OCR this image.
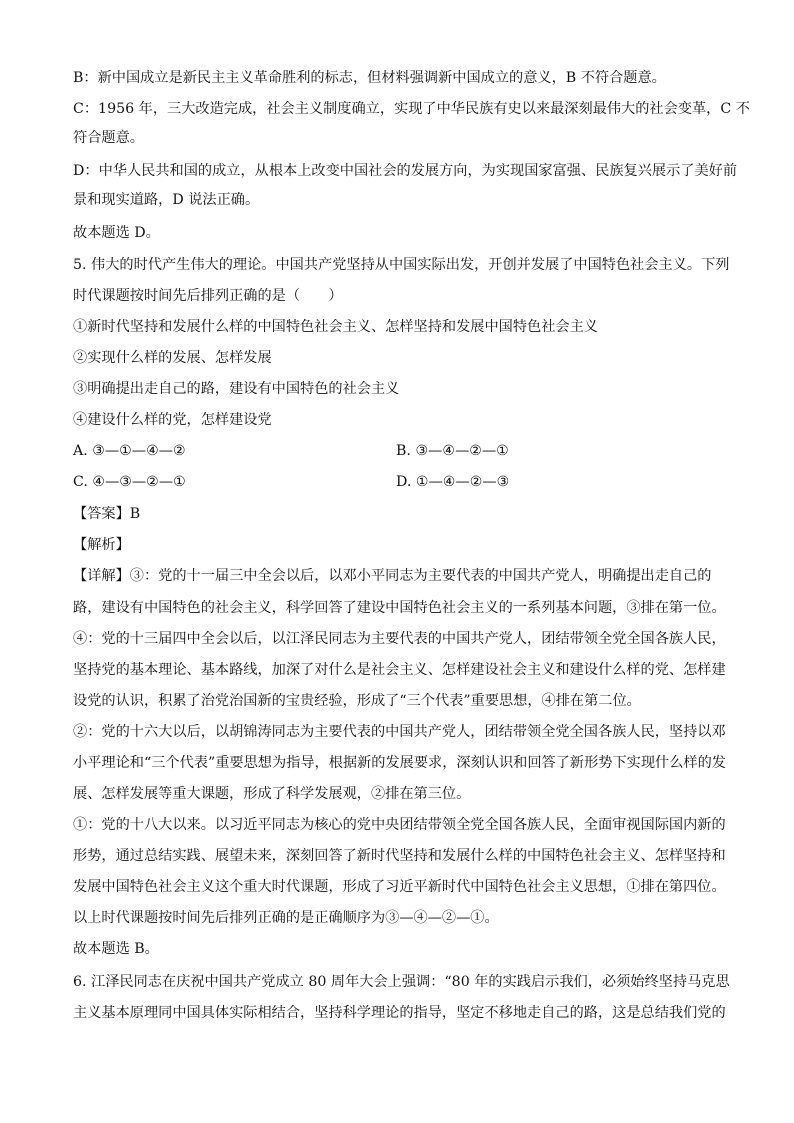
B：新中国成立是新民主主义革命胜利的标志，但材料强调新中国成立的意义，B 不符合题意。
C：1956 年，三大改造完成，社会主义制度确立，实现了中华民族有史以来最深刻最伟大的社会变革，C 不
符合题意。
D：中华人民共和国的成立，从根本上改变中国社会的发展方向，为实现国家富强、民族复兴展示了美好前
景和现实道路，D 说法正确。
故本题选 D。
5. 伟大的时代产生伟大的理论。中国共产党坚持从中国实际出发，开创并发展了中国特色社会主义。下列
时代课题按时间先后排列正确的是（　　）
①新时代坚持和发展什么样的中国特色社会主义、怎样坚持和发展中国特色社会主义
②实现什么样的发展、怎样发展
③明确提出走自己的路，建设有中国特色的社会主义
④建设什么样的党，怎样建设党
A. ③—①—④—②	B. ③—④—②—①
C. ④—③—②—①	D. ①—④—②—③
【答案】B
【解析】
【详解】③：党的十一届三中全会以后，以邓小平同志为主要代表的中国共产党人，明确提出走自己的
路，建设有中国特色的社会主义，科学回答了建设中国特色社会主义的一系列基本问题，③排在第一位。
④：党的十三届四中全会以后，以江泽民同志为主要代表的中国共产党人，团结带领全党全国各族人民，
坚持党的基本理论、基本路线，加深了对什么是社会主义、怎样建设社会主义和建设什么样的党、怎样建
设党的认识，积累了治党治国新的宝贵经验，形成了“三个代表”重要思想，④排在第二位。
②：党的十六大以后，以胡锦涛同志为主要代表的中国共产党人，团结带领全党全国各族人民，坚持以邓
小平理论和“三个代表”重要思想为指导，根据新的发展要求，深刻认识和回答了新形势下实现什么样的发
展、怎样发展等重大课题，形成了科学发展观，②排在第三位。
①：党的十八大以来。以习近平同志为核心的党中央团结带领全党全国各族人民，全面审视国际国内新的
形势，通过总结实践、展望未来，深刻回答了新时代坚持和发展什么样的中国特色社会主义、怎样坚持和
发展中国特色社会主义这个重大时代课题，形成了习近平新时代中国特色社会主义思想，①排在第四位。
以上时代课题按时间先后排列正确的是正确顺序为③—④—②—①。
故本题选 B。
6. 江泽民同志在庆祝中国共产党成立 80 周年大会上强调：“80 年的实践启示我们，必须始终坚持马克思
主义基本原理同中国具体实际相结合，坚持科学理论的指导，坚定不移地走自己的路，这是总结我们党的
